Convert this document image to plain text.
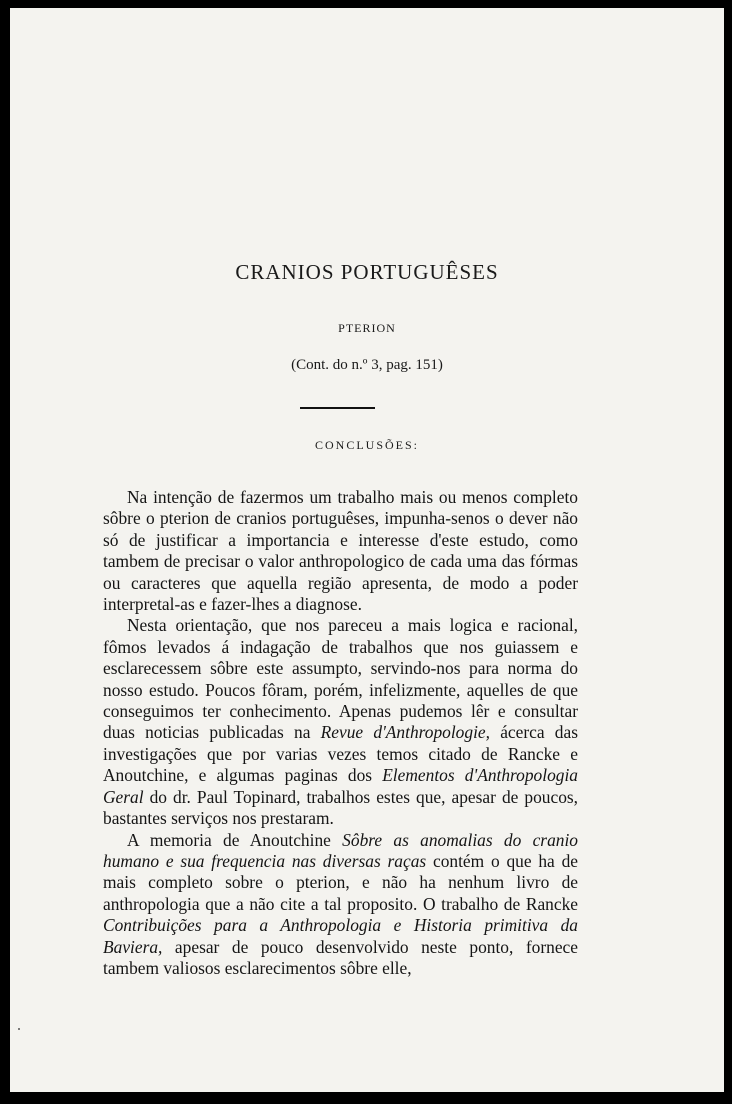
CRANIOS PORTUGUÊSES
PTERION
(Cont. do n.º 3, pag. 151)
CONCLUSÕES:

Na intenção de fazermos um trabalho mais ou menos completo sôbre o pterion de cranios portuguêses, impunha-senos o dever não só de justificar a importancia e interesse d'este estudo, como tambem de precisar o valor anthropologico de cada uma das fórmas ou caracteres que aquella região apresenta, de modo a poder interpretal-as e fazer-lhes a diagnose.

Nesta orientação, que nos pareceu a mais logica e racional, fômos levados á indagação de trabalhos que nos guiassem e esclarecessem sôbre este assumpto, servindo-nos para norma do nosso estudo. Poucos fôram, porém, infelizmente, aquelles de que conseguimos ter conhecimento. Apenas pudemos lêr e consultar duas noticias publicadas na Revue d'Anthropologie, ácerca das investigações que por varias vezes temos citado de Rancke e Anoutchine, e algumas paginas dos Elementos d'Anthropologia Geral do dr. Paul Topinard, trabalhos estes que, apesar de poucos, bastantes serviços nos prestaram.

A memoria de Anoutchine Sôbre as anomalias do cranio humano e sua frequencia nas diversas raças contém o que ha de mais completo sobre o pterion, e não ha nenhum livro de anthropologia que a não cite a tal proposito. O trabalho de Rancke Contribuições para a Anthropologia e Historia primitiva da Baviera, apesar de pouco desenvolvido neste ponto, fornece tambem valiosos esclarecimentos sôbre elle,
